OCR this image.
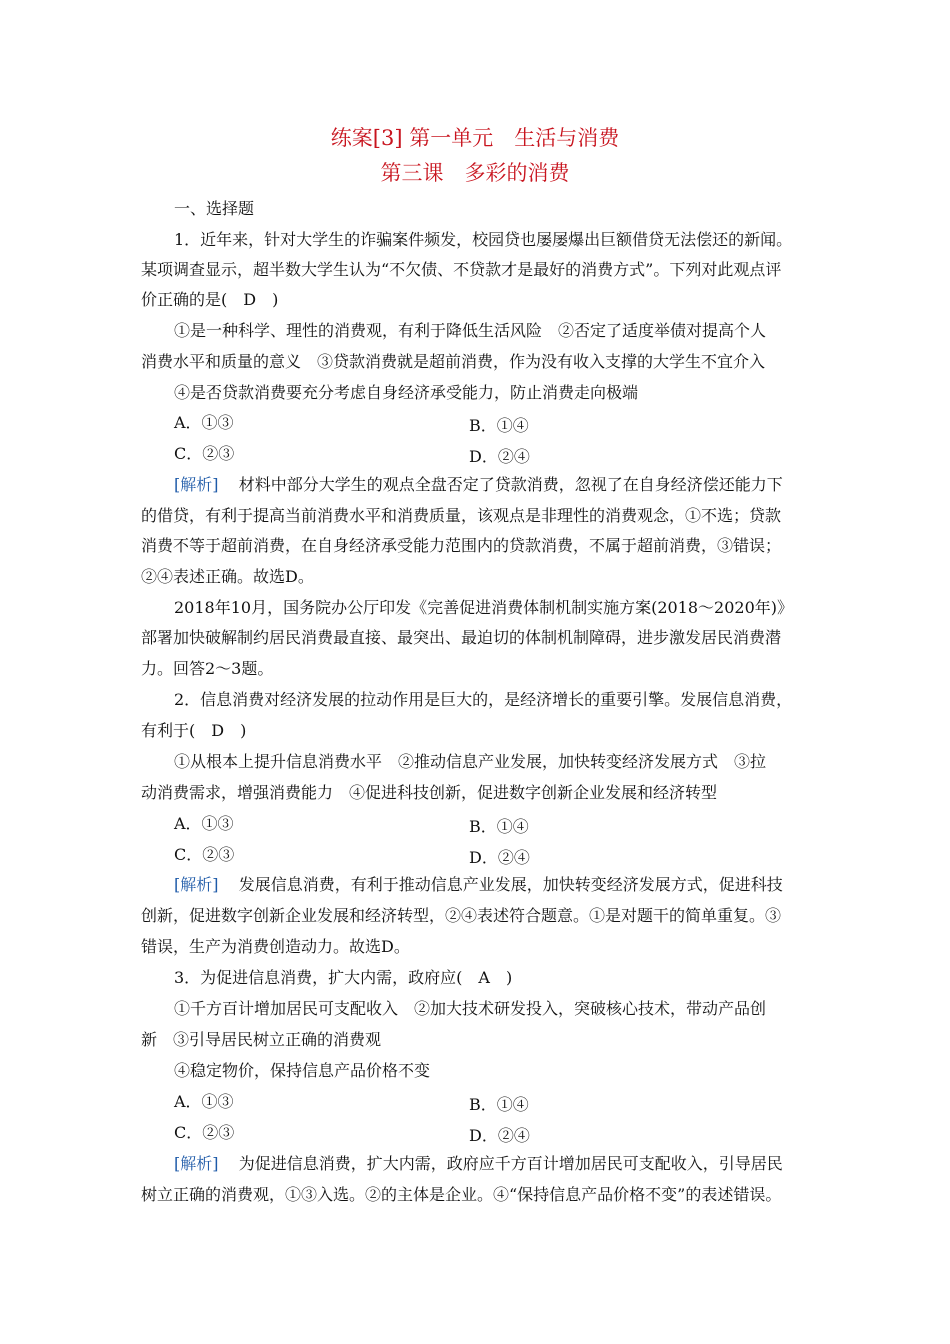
练案[3] 第一单元　生活与消费
第三课　多彩的消费
一、选择题
1．近年来，针对大学生的诈骗案件频发，校园贷也屡屡爆出巨额借贷无法偿还的新闻。
某项调查显示，超半数大学生认为“不欠债、不贷款才是最好的消费方式”。下列对此观点评
价正确的是(　D　)
①是一种科学、理性的消费观，有利于降低生活风险　②否定了适度举债对提高个人
消费水平和质量的意义　③贷款消费就是超前消费，作为没有收入支撑的大学生不宜介入
④是否贷款消费要充分考虑自身经济承受能力，防止消费走向极端
A．①③	B．①④
C．②③	D．②④
[解析] 材料中部分大学生的观点全盘否定了贷款消费，忽视了在自身经济偿还能力下
的借贷，有利于提高当前消费水平和消费质量，该观点是非理性的消费观念，①不选；贷款
消费不等于超前消费，在自身经济承受能力范围内的贷款消费，不属于超前消费，③错误；
②④表述正确。故选D。
2018年10月，国务院办公厅印发《完善促进消费体制机制实施方案(2018～2020年)》
部署加快破解制约居民消费最直接、最突出、最迫切的体制机制障碍，进步激发居民消费潜
力。回答2～3题。
2．信息消费对经济发展的拉动作用是巨大的，是经济增长的重要引擎。发展信息消费，
有利于(　D　)
①从根本上提升信息消费水平　②推动信息产业发展，加快转变经济发展方式　③拉
动消费需求，增强消费能力　④促进科技创新，促进数字创新企业发展和经济转型
A．①③	B．①④
C．②③	D．②④
[解析] 发展信息消费，有利于推动信息产业发展，加快转变经济发展方式，促进科技
创新，促进数字创新企业发展和经济转型，②④表述符合题意。①是对题干的简单重复。③
错误，生产为消费创造动力。故选D。
3．为促进信息消费，扩大内需，政府应(　A　)
①千方百计增加居民可支配收入　②加大技术研发投入，突破核心技术，带动产品创
新　③引导居民树立正确的消费观
④稳定物价，保持信息产品价格不变
A．①③	B．①④
C．②③	D．②④
[解析] 为促进信息消费，扩大内需，政府应千方百计增加居民可支配收入，引导居民
树立正确的消费观，①③入选。②的主体是企业。④“保持信息产品价格不变”的表述错误。
